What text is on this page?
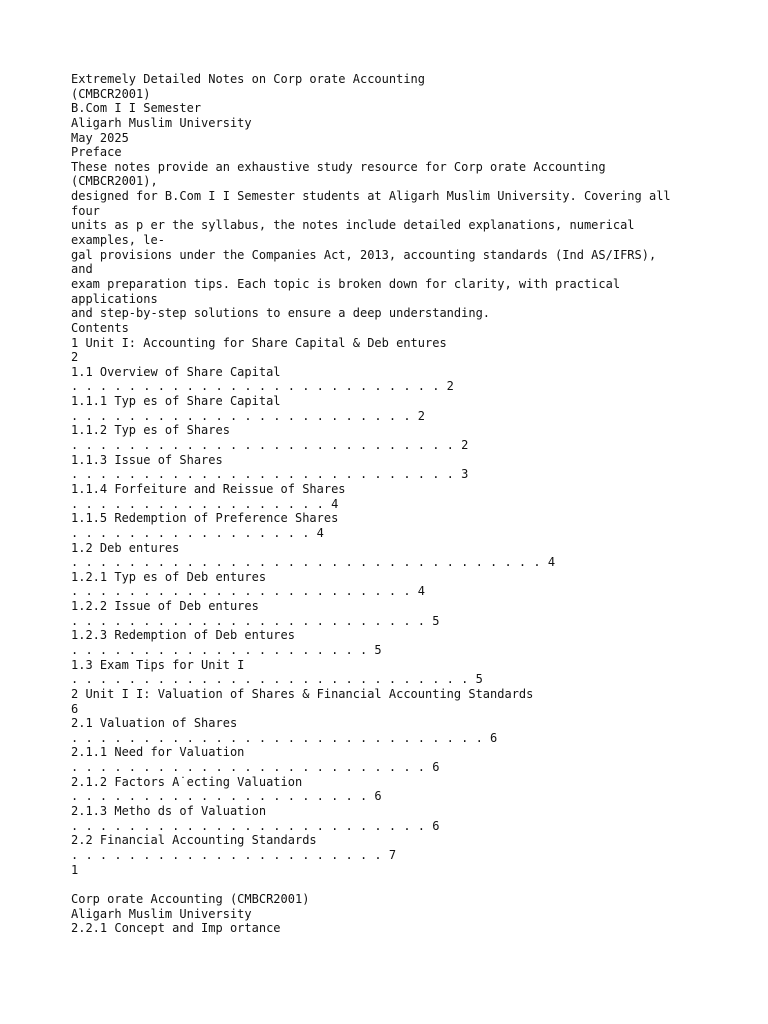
Extremely Detailed Notes on Corp orate Accounting
(CMBCR2001)
B.Com I I Semester
Aligarh Muslim University
May 2025
Preface
These notes provide an exhaustive study resource for Corp orate Accounting
(CMBCR2001),
designed for B.Com I I Semester students at Aligarh Muslim University. Covering all
four
units as p er the syllabus, the notes include detailed explanations, numerical
examples, le-
gal provisions under the Companies Act, 2013, accounting standards (Ind AS/IFRS),
and
exam preparation tips. Each topic is broken down for clarity, with practical
applications
and step-by-step solutions to ensure a deep understanding.
Contents
1 Unit I: Accounting for Share Capital & Deb entures
2
1.1 Overview of Share Capital
. . . . . . . . . . . . . . . . . . . . . . . . . . 2
1.1.1 Typ es of Share Capital
. . . . . . . . . . . . . . . . . . . . . . . . 2
1.1.2 Typ es of Shares
. . . . . . . . . . . . . . . . . . . . . . . . . . . 2
1.1.3 Issue of Shares
. . . . . . . . . . . . . . . . . . . . . . . . . . . 3
1.1.4 Forfeiture and Reissue of Shares
. . . . . . . . . . . . . . . . . . 4
1.1.5 Redemption of Preference Shares
. . . . . . . . . . . . . . . . . 4
1.2 Deb entures
. . . . . . . . . . . . . . . . . . . . . . . . . . . . . . . . . 4
1.2.1 Typ es of Deb entures
. . . . . . . . . . . . . . . . . . . . . . . . 4
1.2.2 Issue of Deb entures
. . . . . . . . . . . . . . . . . . . . . . . . . 5
1.2.3 Redemption of Deb entures
. . . . . . . . . . . . . . . . . . . . . 5
1.3 Exam Tips for Unit I
. . . . . . . . . . . . . . . . . . . . . . . . . . . . 5
2 Unit I I: Valuation of Shares & Financial Accounting Standards
6
2.1 Valuation of Shares
. . . . . . . . . . . . . . . . . . . . . . . . . . . . . 6
2.1.1 Need for Valuation
. . . . . . . . . . . . . . . . . . . . . . . . . 6
2.1.2 Factors A˙ecting Valuation
. . . . . . . . . . . . . . . . . . . . . 6
2.1.3 Metho ds of Valuation
. . . . . . . . . . . . . . . . . . . . . . . . . 6
2.2 Financial Accounting Standards
. . . . . . . . . . . . . . . . . . . . . . 7
1
Corp orate Accounting (CMBCR2001)
Aligarh Muslim University
2.2.1 Concept and Imp ortance
